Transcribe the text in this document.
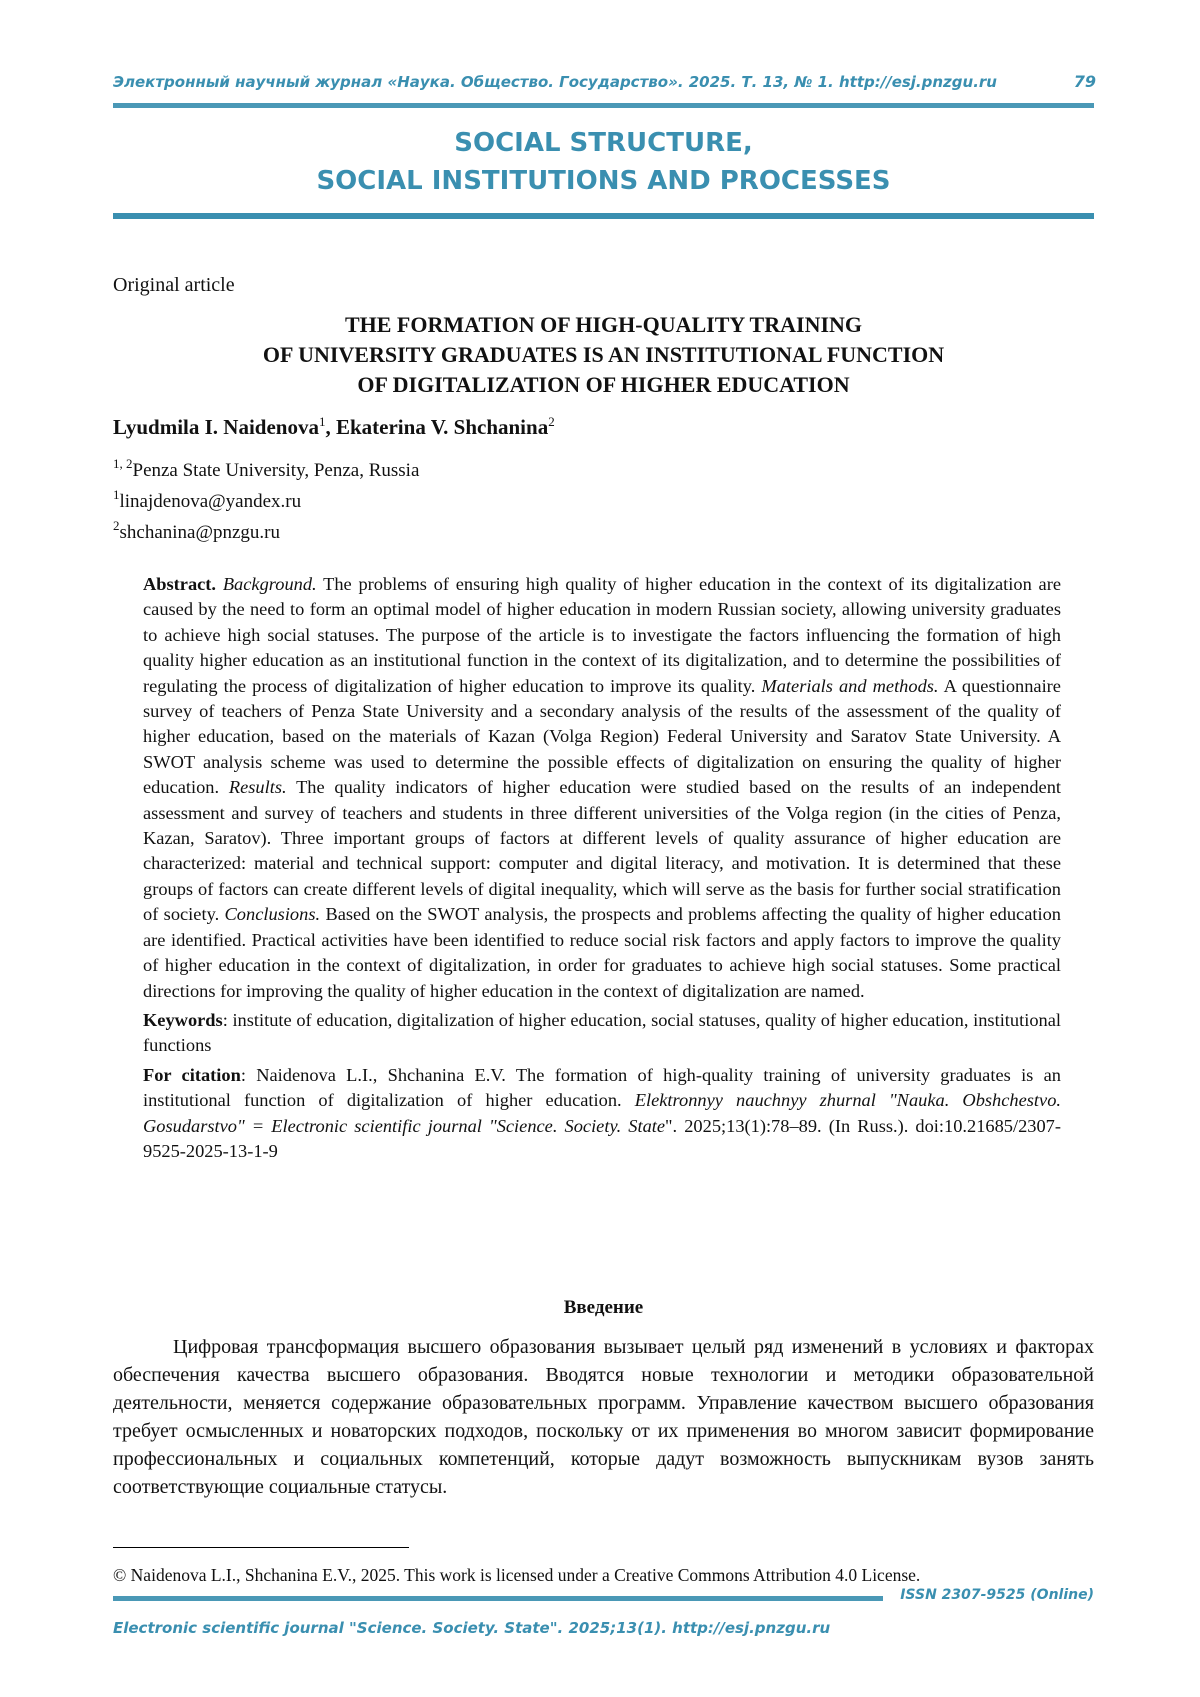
Электронный научный журнал «Наука. Общество. Государство». 2025. Т. 13, № 1. http://esj.pnzgu.ru	79
SOCIAL STRUCTURE,
SOCIAL INSTITUTIONS AND PROCESSES
Original article
THE FORMATION OF HIGH-QUALITY TRAINING
OF UNIVERSITY GRADUATES IS AN INSTITUTIONAL FUNCTION
OF DIGITALIZATION OF HIGHER EDUCATION
Lyudmila I. Naidenova$^1$, Ekaterina V. Shchanina$^2$
$^{1, 2}$Penza State University, Penza, Russia
$^1$linajdenova@yandex.ru
$^2$shchanina@pnzgu.ru

Abstract. Background. The problems of ensuring high quality of higher education in the context of its digitalization are caused by the need to form an optimal model of higher education in modern Russian society, allowing university graduates to achieve high social statuses. The purpose of the article is to investigate the factors influencing the formation of high quality higher education as an institutional function in the context of its digitalization, and to determine the possibilities of regulating the process of digitalization of higher education to improve its quality. Materials and methods. A questionnaire survey of teachers of Penza State University and a secondary analysis of the results of the assessment of the quality of higher education, based on the materials of Kazan (Volga Region) Federal University and Saratov State University. A SWOT analysis scheme was used to determine the possible effects of digitalization on ensuring the quality of higher education. Results. The quality indicators of higher education were studied based on the results of an independent assessment and survey of teachers and students in three different universities of the Volga region (in the cities of Penza, Kazan, Saratov). Three important groups of factors at different levels of quality assurance of higher education are characterized: material and technical support: computer and digital literacy, and motivation. It is determined that these groups of factors can create different levels of digital inequality, which will serve as the basis for further social stratification of society. Conclusions. Based on the SWOT analysis, the prospects and problems affecting the quality of higher education are identified. Practical activities have been identified to reduce social risk factors and apply factors to improve the quality of higher education in the context of digitalization, in order for graduates to achieve high social statuses. Some practical directions for improving the quality of higher education in the context of digitalization are named.

Keywords: institute of education, digitalization of higher education, social statuses, quality of higher education, institutional functions

For citation: Naidenova L.I., Shchanina E.V. The formation of high-quality training of university graduates is an institutional function of digitalization of higher education. Elektronnyy nauchnyy zhurnal "Nauka. Obshchestvo. Gosudarstvo" = Electronic scientific journal "Science. Society. State". 2025;13(1):78–89. (In Russ.). doi:10.21685/2307-9525-2025-13-1-9

Введение
Цифровая трансформация высшего образования вызывает целый ряд изменений в условиях и факторах обеспечения качества высшего образования. Вводятся новые технологии и методики образовательной деятельности, меняется содержание образовательных программ. Управление качеством высшего образования требует осмысленных и новаторских подходов, поскольку от их применения во многом зависит формирование профессиональных и социальных компетенций, которые дадут возможность выпускникам вузов занять соответствующие социальные статусы.
© Naidenova L.I., Shchanina E.V., 2025. This work is licensed under a Creative Commons Attribution 4.0 License.
ISSN 2307-9525 (Online)
Electronic scientific journal "Science. Society. State". 2025;13(1). http://esj.pnzgu.ru
